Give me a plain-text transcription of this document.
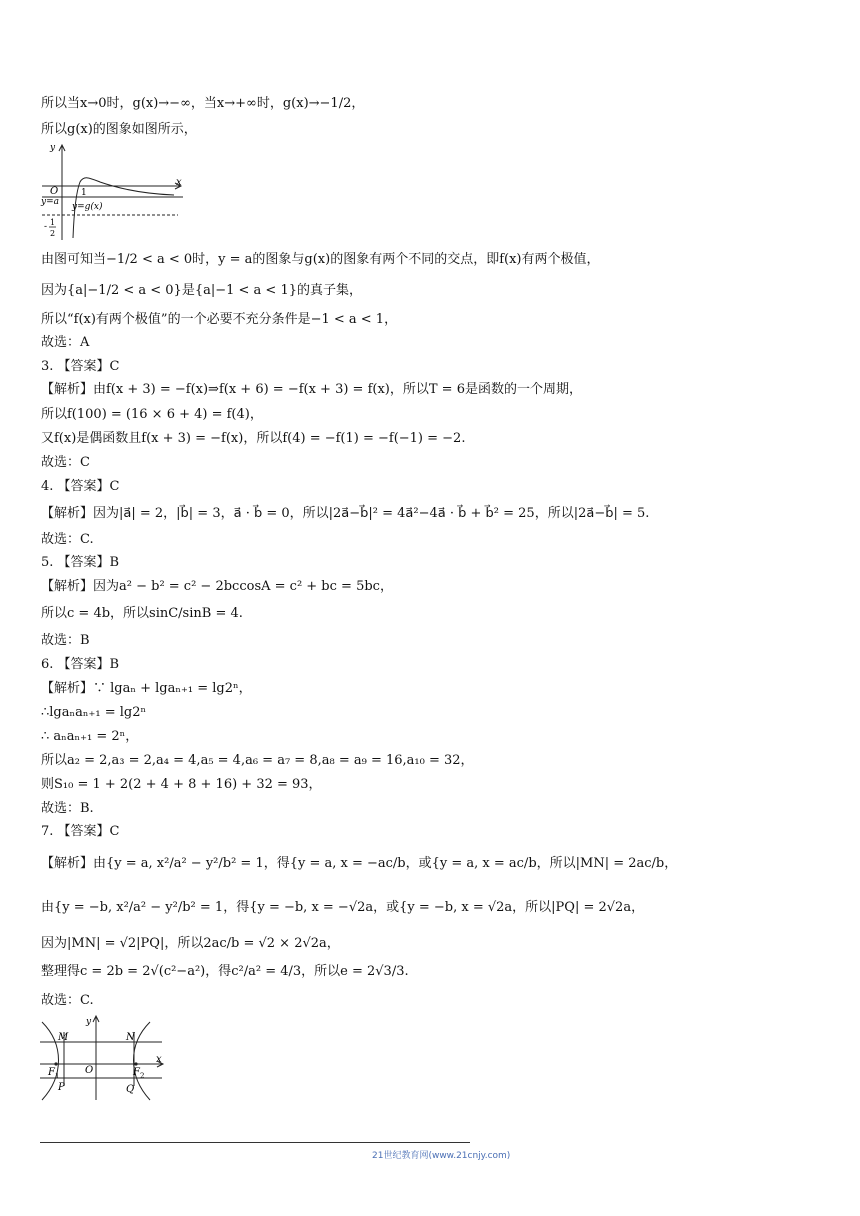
所以当x→0时，g(x)→−∞，当x→+∞时，g(x)→−1/2，
所以g(x)的图象如图所示，
y
x
O	1
y=a y=g(x)
- 1
2
由图可知当−1/2 < a < 0时，y = a的图象与g(x)的图象有两个不同的交点，即f(x)有两个极值，
因为{a|−1/2 < a < 0}是{a|−1 < a < 1}的真子集，
所以“f(x)有两个极值”的一个必要不充分条件是−1 < a < 1，
故选：A
3. 【答案】C
【解析】由f(x + 3) = −f(x)⇒f(x + 6) = −f(x + 3) = f(x)，所以T = 6是函数的一个周期，
所以f(100) = (16 × 6 + 4) = f(4)，
又f(x)是偶函数且f(x + 3) = −f(x)，所以f(4) = −f(1) = −f(−1) = −2.
故选：C
4. 【答案】C
【解析】因为|a⃗| = 2，|b⃗| = 3，a⃗ · b⃗ = 0，所以|2a⃗−b⃗|² = 4a⃗²−4a⃗ · b⃗ + b⃗² = 25，所以|2a⃗−b⃗| = 5.
故选：C.
5. 【答案】B
【解析】因为a² − b² = c² − 2bccosA = c² + bc = 5bc，
所以c = 4b，所以sinC/sinB = 4.
故选：B
6. 【答案】B
【解析】∵ lgaₙ + lgaₙ₊₁ = lg2ⁿ，
∴lgaₙaₙ₊₁ = lg2ⁿ
∴ aₙaₙ₊₁ = 2ⁿ，
所以a₂ = 2,a₃ = 2,a₄ = 4,a₅ = 4,a₆ = a₇ = 8,a₈ = a₉ = 16,a₁₀ = 32，
则S₁₀ = 1 + 2(2 + 4 + 8 + 16) + 32 = 93，
故选：B.
7. 【答案】C
【解析】由{y = a, x²/a² − y²/b² = 1，得{y = a, x = −ac/b，或{y = a, x = ac/b，所以|MN| = 2ac/b，
由{y = −b, x²/a² − y²/b² = 1，得{y = −b, x = −√2a，或{y = −b, x = √2a，所以|PQ| = 2√2a，
因为|MN| = √2|PQ|，所以2ac/b = √2 × 2√2a，
整理得c = 2b = 2√(c²−a²)，得c²/a² = 4/3，所以e = 2√3/3.
故选：C.
y
x
O
M	N
P	Q
F 1	F 2
21世纪教育网(www.21cnjy.com)
